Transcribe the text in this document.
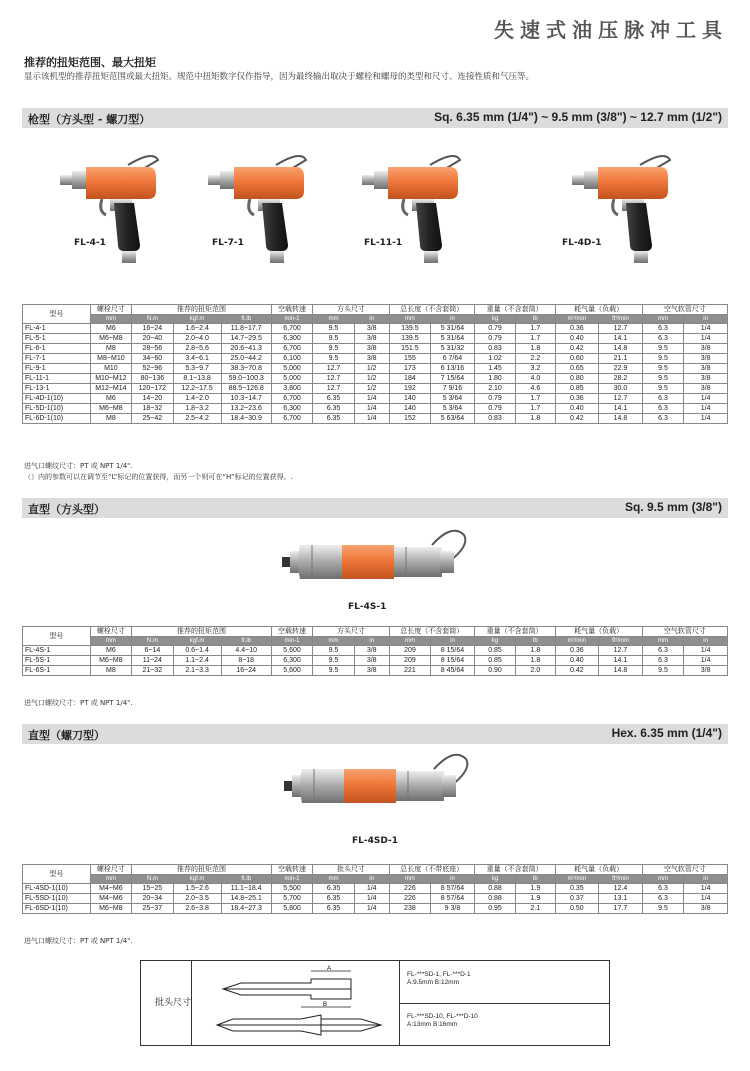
失速式油压脉冲工具
推荐的扭矩范围、最大扭矩
显示该机型的推荐扭矩范围或最大扭矩。规范中扭矩数字仅作指导，因为最终输出取决于螺栓和螺母的类型和尺寸、连接性质和气压等。
枪型（方头型 - 螺刀型）	Sq. 6.35 mm (1/4") ~ 9.5 mm (3/8") ~ 12.7 mm (1/2")
FL-4-1	FL-7-1	FL-11-1	FL-4D-1
型号	螺栓尺寸	推荐的扭矩范围			空载转速	方头尺寸		总长度（不含套筒）		重量（不含套筒）		耗气量（负载）		空气软管尺寸	
	mm	N.m	kgf.m	ft.lb	min-1	mm	in	mm	in	kg	lb	m³/min	ft³/min	mm	in
FL-4-1	M6	16~24	1.6~2.4	11.8~17.7	6,700	9.5	3/8	139.5	5 31/64	0.79	1.7	0.36	12.7	6.3	1/4
FL-5-1	M6~M8	20~40	2.0~4.0	14.7~29.5	6,300	9.5	3/8	139.5	5 31/64	0.79	1.7	0.40	14.1	6.3	1/4
FL-6-1	M8	28~56	2.8~5.6	20.6~41.3	6,700	9.5	3/8	151.5	5 31/32	0.83	1.8	0.42	14.8	9.5	3/8
FL-7-1	M8~M10	34~60	3.4~6.1	25.0~44.2	6,100	9.5	3/8	155	6 7/64	1.02	2.2	0.60	21.1	9.5	3/8
FL-9-1	M10	52~96	5.3~9.7	38.3~70.8	5,000	12.7	1/2	173	6 13/16	1.45	3.2	0.65	22.9	9.5	3/8
FL-11-1	M10~M12	80~136	8.1~13.8	59.0~100.3	5,000	12.7	1/2	184	7 15/64	1.80	4.0	0.80	28.2	9.5	3/8
FL-13-1	M12~M14	120~172	12.2~17.5	88.5~126.8	3,800	12.7	1/2	192	7 9/16	2.10	4.6	0.85	30.0	9.5	3/8
FL-4D-1(10)	M6	14~20	1.4~2.0	10.3~14.7	6,700	6.35	1/4	140	5 3/64	0.79	1.7	0.36	12.7	6.3	1/4
FL-5D-1(10)	M6~M8	18~32	1.8~3.2	13.2~23.6	6,300	6.35	1/4	140	5 3/64	0.79	1.7	0.40	14.1	6.3	1/4
FL-6D-1(10)	M8	25~42	2.5~4.2	18.4~30.9	6,700	6.35	1/4	152	5 63/64	0.83	1.8	0.42	14.8	6.3	1/4
进气口螺纹尺寸：PT 或 NPT 1/4".
（）内的参数可以在调节至“L”标记的位置获得，而另一个则可在“H”标记的位置获得。.
直型（方头型）	Sq. 9.5 mm (3/8")
FL-4S-1
型号	螺栓尺寸	推荐的扭矩范围			空载转速	方头尺寸		总长度（不含套筒）		重量（不含套筒）		耗气量（负载）		空气软管尺寸	
	mm	N.m	kgf.m	ft.lb	min-1	mm	in	mm	in	kg	lb	m³/min	ft³/min	mm	in
FL-4S-1	M6	6~14	0.6~1.4	4.4~10	5,600	9.5	3/8	209	8 15/64	0.85	1.8	0.36	12.7	6.3	1/4
FL-5S-1	M6~M8	11~24	1.1~2.4	8~18	6,300	9.5	3/8	209	8 15/64	0.85	1.8	0.40	14.1	6.3	1/4
FL-6S-1	M8	21~32	2.1~3.3	16~24	5,600	9.5	3/8	221	8 45/64	0.90	2.0	0.42	14.8	9.5	3/8
进气口螺纹尺寸：PT 或 NPT 1/4".
直型（螺刀型）	Hex. 6.35 mm (1/4")
FL-4SD-1
型号	螺栓尺寸	推荐的扭矩范围			空载转速	批头尺寸		总长度（不带底座）		重量（不含套筒）		耗气量（负载）		空气软管尺寸	
	mm	N.m	kgf.m	ft.lb	min-1	mm	in	mm	in	kg	lb	m³/min	ft³/min	mm	in
FL-4SD-1(10)	M4~M6	15~25	1.5~2.6	11.1~18.4	5,500	6.35	1/4	226	8 57/64	0.88	1.9	0.35	12.4	6.3	1/4
FL-5SD-1(10)	M4~M6	20~34	2.0~3.5	14.8~25.1	5,700	6.35	1/4	226	8 57/64	0.88	1.9	0.37	13.1	6.3	1/4
FL-6SD-1(10)	M6~M8	25~37	2.6~3.8	18.4~27.3	5,800	6.35	1/4	238	9 3/8	0.95	2.1	0.50	17.7	9.5	3/8
进气口螺纹尺寸：PT 或 NPT 1/4".
批头尺寸
A
B
FL-***SD-1, FL-***D-1
A:9.5mm B:12mm
FL-***SD-10, FL-***D-10
A:13mm B:16mm
